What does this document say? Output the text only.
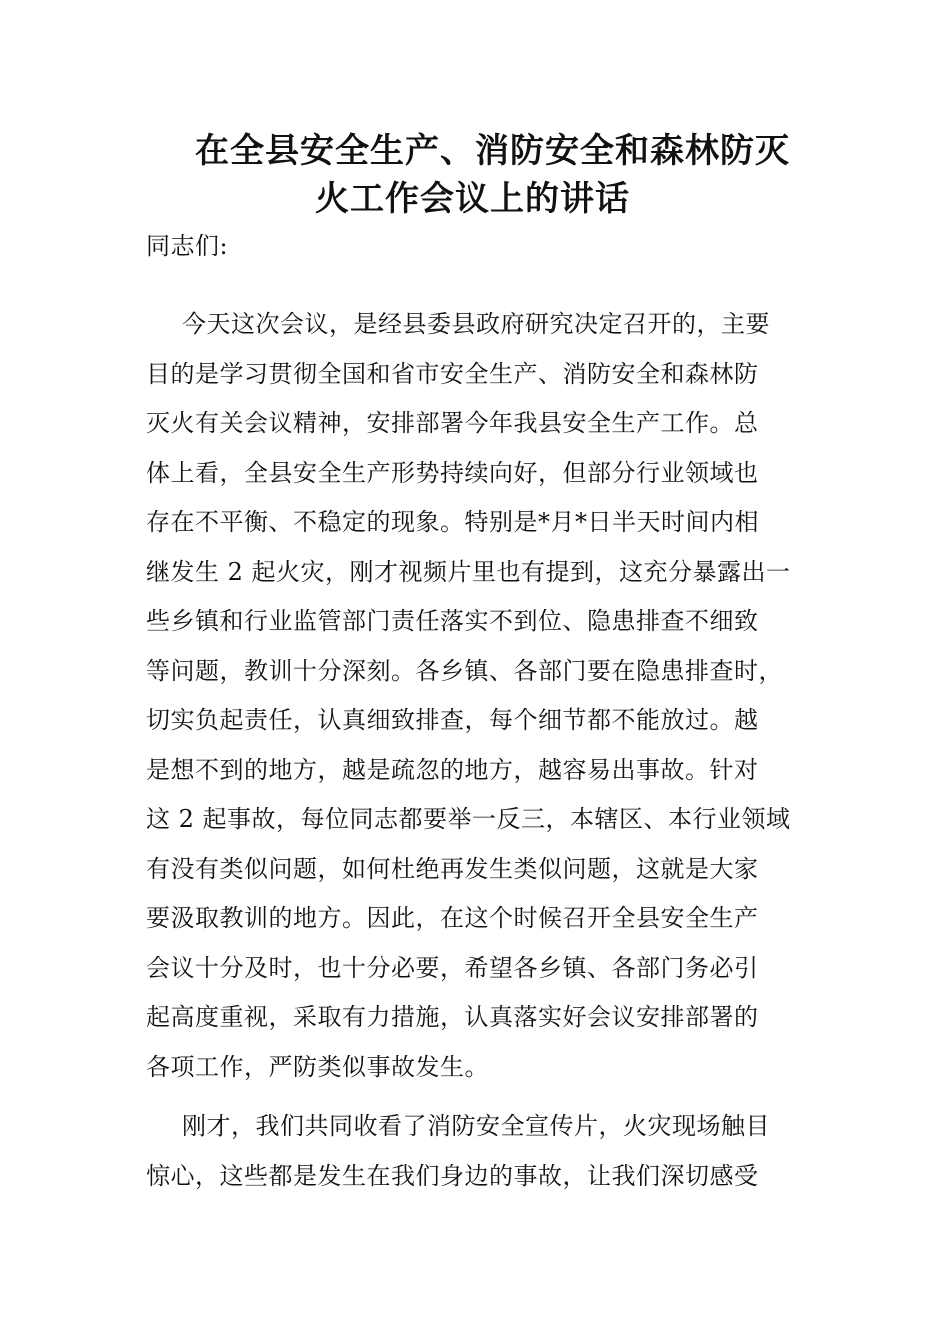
在全县安全生产、消防安全和森林防灭
火工作会议上的讲话

同志们:

今天这次会议，是经县委县政府研究决定召开的，主要

目的是学习贯彻全国和省市安全生产、消防安全和森林防

灭火有关会议精神，安排部署今年我县安全生产工作。总

体上看，全县安全生产形势持续向好，但部分行业领域也

存在不平衡、不稳定的现象。特别是*月*日半天时间内相

继发生 2 起火灾，刚才视频片里也有提到，这充分暴露出一

些乡镇和行业监管部门责任落实不到位、隐患排查不细致

等问题，教训十分深刻。各乡镇、各部门要在隐患排查时，

切实负起责任，认真细致排查，每个细节都不能放过。越

是想不到的地方，越是疏忽的地方，越容易出事故。针对

这 2 起事故，每位同志都要举一反三，本辖区、本行业领域

有没有类似问题，如何杜绝再发生类似问题，这就是大家

要汲取教训的地方。因此，在这个时候召开全县安全生产

会议十分及时，也十分必要，希望各乡镇、各部门务必引

起高度重视，采取有力措施，认真落实好会议安排部署的

各项工作，严防类似事故发生。

刚才，我们共同收看了消防安全宣传片，火灾现场触目

惊心，这些都是发生在我们身边的事故，让我们深切感受
